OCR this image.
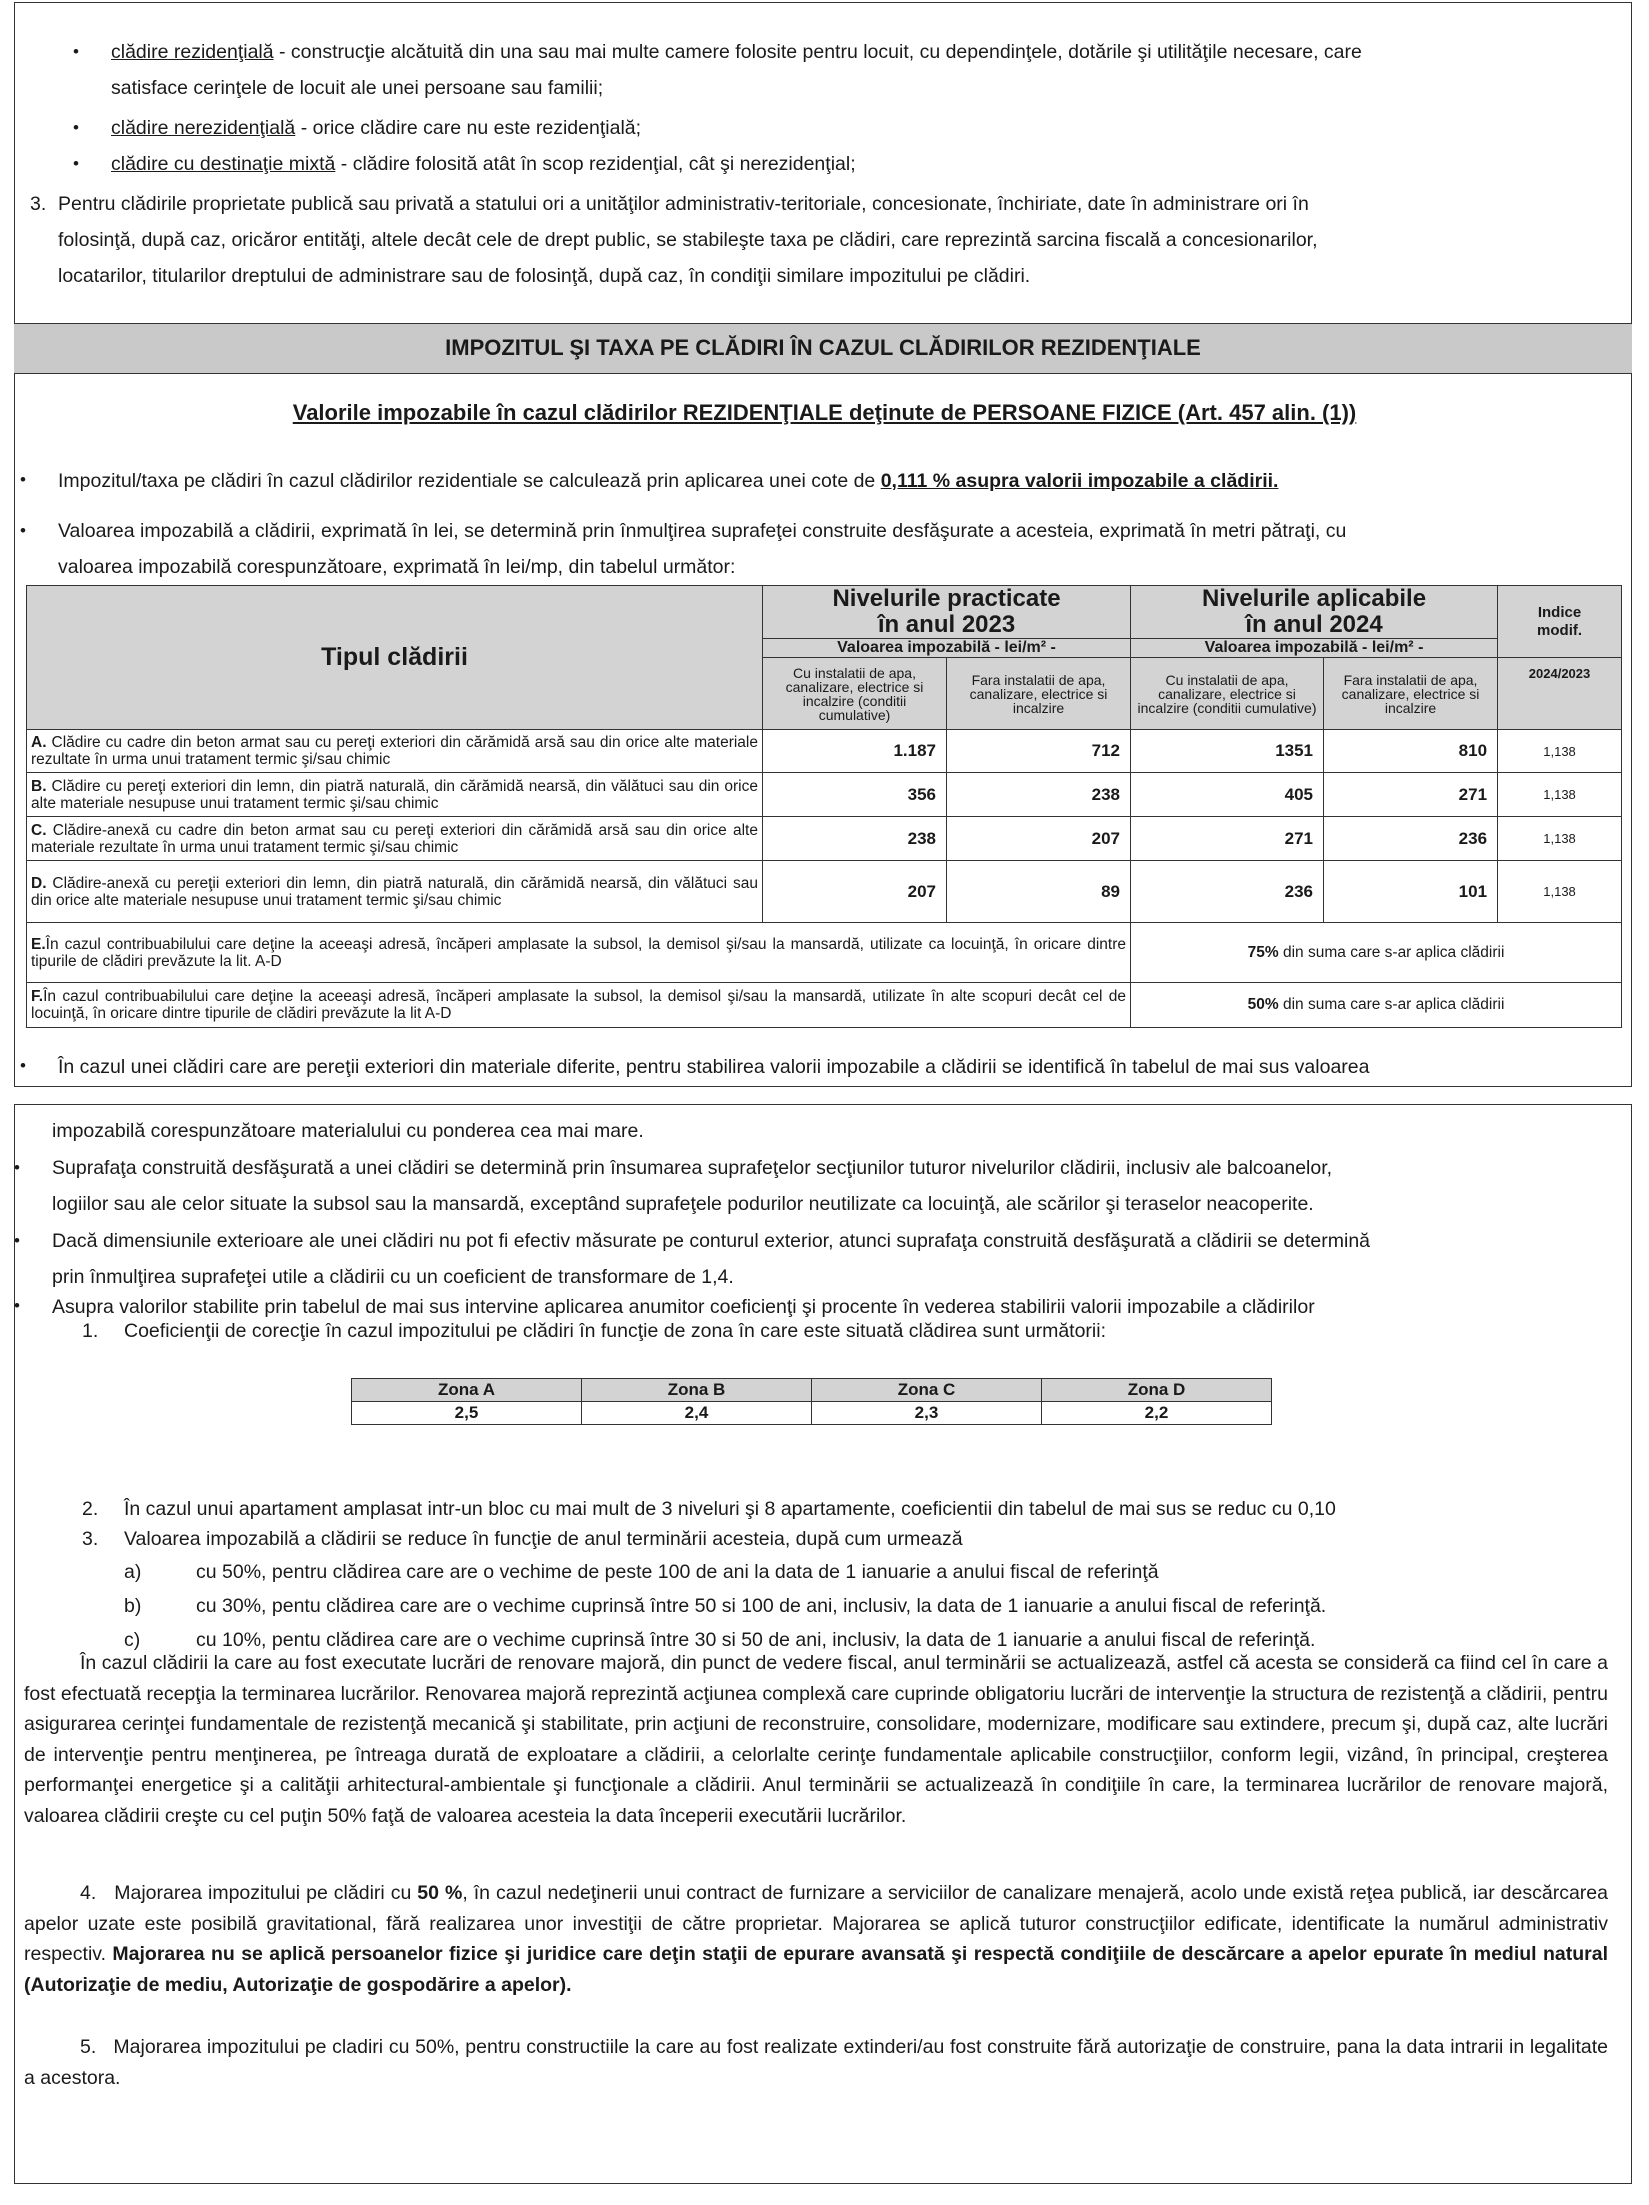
• clădire rezidenţială - construcţie alcătuită din una sau mai multe camere folosite pentru locuit, cu dependinţele, dotările şi utilităţile necesare, care
satisface cerinţele de locuit ale unei persoane sau familii;
• clădire nerezidenţială - orice clădire care nu este rezidenţială;
• clădire cu destinaţie mixtă - clădire folosită atât în scop rezidenţial, cât şi nerezidenţial;
3. Pentru clădirile proprietate publică sau privată a statului ori a unităţilor administrativ-teritoriale, concesionate, închiriate, date în administrare ori în
folosinţă, după caz, oricăror entităţi, altele decât cele de drept public, se stabileşte taxa pe clădiri, care reprezintă sarcina fiscală a concesionarilor,
locatarilor, titularilor dreptului de administrare sau de folosinţă, după caz, în condiţii similare impozitului pe clădiri.
IMPOZITUL ŞI TAXA PE CLĂDIRI ÎN CAZUL CLĂDIRILOR REZIDENŢIALE
Valorile impozabile în cazul clădirilor REZIDENŢIALE deţinute de PERSOANE FIZICE (Art. 457 alin. (1))
• Impozitul/taxa pe clădiri în cazul clădirilor rezidentiale se calculează prin aplicarea unei cote de 0,111 % asupra valorii impozabile a clădirii.
• Valoarea impozabilă a clădirii, exprimată în lei, se determină prin înmulţirea suprafeţei construite desfăşurate a acesteia, exprimată în metri pătraţi, cu
valoarea impozabilă corespunzătoare, exprimată în lei/mp, din tabelul următor:
Tipul clădirii	Nivelurile practicate
în anul 2023		Nivelurile aplicabile
în anul 2024		Indice
modif.
	Valoarea impozabilă - lei/m² -		Valoarea impozabilă - lei/m² -		
	Cu instalatii de apa, canalizare, electrice si incalzire (conditii cumulative)	Fara instalatii de apa, canalizare, electrice si incalzire	Cu instalatii de apa, canalizare, electrice si incalzire (conditii cumulative)	Fara instalatii de apa, canalizare, electrice si incalzire	2024/2023
A. Clădire cu cadre din beton armat sau cu pereţi exteriori din cărămidă arsă sau din orice alte materiale rezultate în urma unui tratament termic şi/sau chimic	1.187	712	1351	810	1,138
B. Clădire cu pereţi exteriori din lemn, din piatră naturală, din cărămidă nearsă, din vălătuci sau din orice alte materiale nesupuse unui tratament termic şi/sau chimic	356	238	405	271	1,138
C. Clădire-anexă cu cadre din beton armat sau cu pereţi exteriori din cărămidă arsă sau din orice alte materiale rezultate în urma unui tratament termic şi/sau chimic	238	207	271	236	1,138
D. Clădire-anexă cu pereţii exteriori din lemn, din piatră naturală, din cărămidă nearsă, din vălătuci sau din orice alte materiale nesupuse unui tratament termic şi/sau chimic	207	89	236	101	1,138
E.În cazul contribuabilului care deţine la aceeaşi adresă, încăperi amplasate la subsol, la demisol şi/sau la mansardă, utilizate ca locuinţă, în oricare dintre tipurile de clădiri prevăzute la lit. A-D			75% din suma care s-ar aplica clădirii		
F.În cazul contribuabilului care deţine la aceeaşi adresă, încăperi amplasate la subsol, la demisol şi/sau la mansardă, utilizate în alte scopuri decât cel de locuinţă, în oricare dintre tipurile de clădiri prevăzute la lit A-D			50% din suma care s-ar aplica clădirii		
• În cazul unei clădiri care are pereţii exteriori din materiale diferite, pentru stabilirea valorii impozabile a clădirii se identifică în tabelul de mai sus valoarea
impozabilă corespunzătoare materialului cu ponderea cea mai mare.
• Suprafaţa construită desfăşurată a unei clădiri se determină prin însumarea suprafeţelor secţiunilor tuturor nivelurilor clădirii, inclusiv ale balcoanelor,
logiilor sau ale celor situate la subsol sau la mansardă, exceptând suprafeţele podurilor neutilizate ca locuinţă, ale scărilor şi teraselor neacoperite.
• Dacă dimensiunile exterioare ale unei clădiri nu pot fi efectiv măsurate pe conturul exterior, atunci suprafaţa construită desfăşurată a clădirii se determină
prin înmulţirea suprafeţei utile a clădirii cu un coeficient de transformare de 1,4.
• Asupra valorilor stabilite prin tabelul de mai sus intervine aplicarea anumitor coeficienţi şi procente în vederea stabilirii valorii impozabile a clădirilor
1. Coeficienţii de corecţie în cazul impozitului pe clădiri în funcţie de zona în care este situată clădirea sunt următorii:
Zona A	Zona B	Zona C	Zona D
2,5	2,4	2,3	2,2
2. În cazul unui apartament amplasat intr-un bloc cu mai mult de 3 niveluri şi 8 apartamente, coeficientii din tabelul de mai sus se reduc cu 0,10
3. Valoarea impozabilă a clădirii se reduce în funcţie de anul terminării acesteia, după cum urmează
a)	cu 50%, pentru clădirea care are o vechime de peste 100 de ani la data de 1 ianuarie a anului fiscal de referinţă
b)	cu 30%, pentu clădirea care are o vechime cuprinsă între 50 si 100 de ani, inclusiv, la data de 1 ianuarie a anului fiscal de referinţă.
c)	cu 10%, pentu clădirea care are o vechime cuprinsă între 30 si 50 de ani, inclusiv, la data de 1 ianuarie a anului fiscal de referinţă.
În cazul clădirii la care au fost executate lucrări de renovare majoră, din punct de vedere fiscal, anul terminării se actualizează, astfel că acesta se consideră ca fiind cel în care a fost efectuată recepţia la terminarea lucrărilor. Renovarea majoră reprezintă acţiunea complexă care cuprinde obligatoriu lucrări de intervenţie la structura de rezistenţă a clădirii, pentru asigurarea cerinţei fundamentale de rezistenţă mecanică şi stabilitate, prin acţiuni de reconstruire, consolidare, modernizare, modificare sau extindere, precum şi, după caz, alte lucrări de intervenţie pentru menţinerea, pe întreaga durată de exploatare a clădirii, a celorlalte cerinţe fundamentale aplicabile construcţiilor, conform legii, vizând, în principal, creşterea performanţei energetice şi a calităţii arhitectural-ambientale şi funcţionale a clădirii. Anul terminării se actualizează în condiţiile în care, la terminarea lucrărilor de renovare majoră, valoarea clădirii creşte cu cel puţin 50% faţă de valoarea acesteia la data începerii executării lucrărilor.
4. Majorarea impozitului pe clădiri cu 50 %, în cazul nedeţinerii unui contract de furnizare a serviciilor de canalizare menajeră, acolo unde există reţea publică, iar descărcarea apelor uzate este posibilă gravitational, fără realizarea unor investiţii de către proprietar. Majorarea se aplică tuturor construcţiilor edificate, identificate la numărul administrativ respectiv. Majorarea nu se aplică persoanelor fizice şi juridice care deţin staţii de epurare avansată şi respectă condiţiile de descărcare a apelor epurate în mediul natural (Autorizaţie de mediu, Autorizaţie de gospodărire a apelor).
5. Majorarea impozitului pe cladiri cu 50%, pentru constructiile la care au fost realizate extinderi/au fost construite fără autorizaţie de construire, pana la data intrarii in legalitate a acestora.
